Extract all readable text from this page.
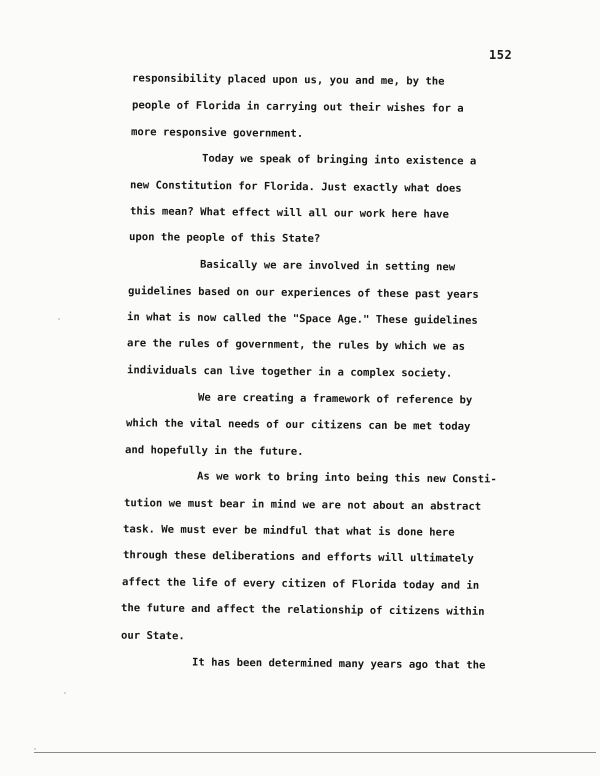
152

responsibility placed upon us, you and me, by the

people of Florida in carrying out their wishes for a

more responsive government.

Today we speak of bringing into existence a

new Constitution for Florida. Just exactly what does

this mean? What effect will all our work here have

upon the people of this State?

Basically we are involved in setting new

guidelines based on our experiences of these past years

in what is now called the "Space Age." These guidelines

are the rules of government, the rules by which we as

individuals can live together in a complex society.

We are creating a framework of reference by

which the vital needs of our citizens can be met today

and hopefully in the future.

As we work to bring into being this new Consti-

tution we must bear in mind we are not about an abstract

task. We must ever be mindful that what is done here

through these deliberations and efforts will ultimately

affect the life of every citizen of Florida today and in

the future and affect the relationship of citizens within

our State.

It has been determined many years ago that the
